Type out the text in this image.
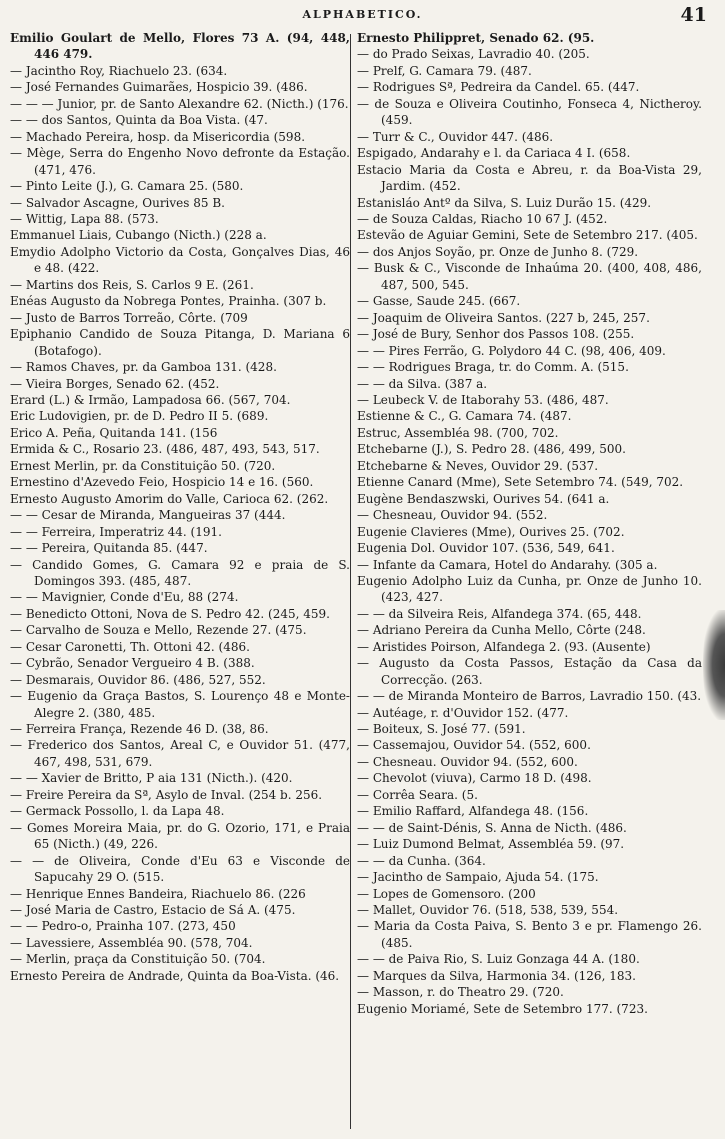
ALPHABETICO.	41
Emilio Goulart de Mello, Flores 73 A. (94, 448, 446 479.
— Jacintho Roy, Riachuelo 23. (634.
— José Fernandes Guimarães, Hospicio 39. (486.
— — — Junior, pr. de Santo Alexandre 62. (Nicth.) (176.
— — dos Santos, Quinta da Boa Vista. (47.
— Machado Pereira, hosp. da Misericordia (598.
— Mège, Serra do Engenho Novo defronte da Estação. (471, 476.
— Pinto Leite (J.), G. Camara 25. (580.
— Salvador Ascagne, Ourives 85 B.
— Wittig, Lapa 88. (573.
Emmanuel Liais, Cubango (Nicth.) (228 a.
Emydio Adolpho Victorio da Costa, Gonçalves Dias, 46 e 48. (422.
— Martins dos Reis, S. Carlos 9 E. (261.
Enéas Augusto da Nobrega Pontes, Prainha. (307 b.
— Justo de Barros Torreão, Côrte. (709
Epiphanio Candido de Souza Pitanga, D. Mariana 6 (Botafogo).
— Ramos Chaves, pr. da Gamboa 131. (428.
— Vieira Borges, Senado 62. (452.
Erard (L.) & Irmão, Lampadosa 66. (567, 704.
Eric Ludovigien, pr. de D. Pedro II 5. (689.
Erico A. Peña, Quitanda 141. (156
Ermida & C., Rosario 23. (486, 487, 493, 543, 517.
Ernest Merlin, pr. da Constituição 50. (720.
Ernestino d'Azevedo Feio, Hospicio 14 e 16. (560.
Ernesto Augusto Amorim do Valle, Carioca 62. (262.
— — Cesar de Miranda, Mangueiras 37 (444.
— — Ferreira, Imperatriz 44. (191.
— — Pereira, Quitanda 85. (447.
— Candido Gomes, G. Camara 92 e praia de S. Domingos 393. (485, 487.
— — Mavignier, Conde d'Eu, 88 (274.
— Benedicto Ottoni, Nova de S. Pedro 42. (245, 459.
— Carvalho de Souza e Mello, Rezende 27. (475.
— Cesar Caronetti, Th. Ottoni 42. (486.
— Cybrão, Senador Vergueiro 4 B. (388.
— Desmarais, Ouvidor 86. (486, 527, 552.
— Eugenio da Graça Bastos, S. Lourenço 48 e Monte-Alegre 2. (380, 485.
— Ferreira França, Rezende 46 D. (38, 86.
— Frederico dos Santos, Areal C, e Ouvidor 51. (477, 467, 498, 531, 679.
— — Xavier de Britto, P aia 131 (Nicth.). (420.
— Freire Pereira da Sª, Asylo de Inval. (254 b. 256.
— Germack Possollo, l. da Lapa 48.
— Gomes Moreira Maia, pr. do G. Ozorio, 171, e Praia 65 (Nicth.) (49, 226.
— — de Oliveira, Conde d'Eu 63 e Visconde de Sapucahy 29 O. (515.
— Henrique Ennes Bandeira, Riachuelo 86. (226
— José Maria de Castro, Estacio de Sá A. (475.
— — Pedro-o, Prainha 107. (273, 450
— Lavessiere, Assembléa 90. (578, 704.
— Merlin, praça da Constituição 50. (704.
Ernesto Pereira de Andrade, Quinta da Boa-Vista. (46.
Ernesto Philippret, Senado 62. (95.
— do Prado Seixas, Lavradio 40. (205.
— Prelf, G. Camara 79. (487.
— Rodrigues Sª, Pedreira da Candel. 65. (447.
— de Souza e Oliveira Coutinho, Fonseca 4, Nictheroy. (459.
— Turr & C., Ouvidor 447. (486.
Espigado, Andarahy e l. da Cariaca 4 I. (658.
Estacio Maria da Costa e Abreu, r. da Boa-Vista 29, Jardim. (452.
Estanisláo Antº da Silva, S. Luiz Durão 15. (429.
— de Souza Caldas, Riacho 10 67 J. (452.
Estevão de Aguiar Gemini, Sete de Setembro 217. (405.
— dos Anjos Soyão, pr. Onze de Junho 8. (729.
— Busk & C., Visconde de Inhaúma 20. (400, 408, 486, 487, 500, 545.
— Gasse, Saude 245. (667.
— Joaquim de Oliveira Santos. (227 b, 245, 257.
— José de Bury, Senhor dos Passos 108. (255.
— — Pires Ferrão, G. Polydoro 44 C. (98, 406, 409.
— — Rodrigues Braga, tr. do Comm. A. (515.
— — da Silva. (387 a.
— Leubeck V. de Itaborahy 53. (486, 487.
Estienne & C., G. Camara 74. (487.
Estruc, Assembléa 98. (700, 702.
Etchebarne (J.), S. Pedro 28. (486, 499, 500.
Etchebarne & Neves, Ouvidor 29. (537.
Etienne Canard (Mme), Sete Setembro 74. (549, 702.
Eugène Bendaszwski, Ourives 54. (641 a.
— Chesneau, Ouvidor 94. (552.
Eugenie Clavieres (Mme), Ourives 25. (702.
Eugenia Dol. Ouvidor 107. (536, 549, 641.
— Infante da Camara, Hotel do Andarahy. (305 a.
Eugenio Adolpho Luiz da Cunha, pr. Onze de Junho 10. (423, 427.
— — da Silveira Reis, Alfandega 374. (65, 448.
— Adriano Pereira da Cunha Mello, Côrte (248.
— Aristides Poirson, Alfandega 2. (93. (Ausente)
— Augusto da Costa Passos, Estação da Casa da Correcção. (263.
— — de Miranda Monteiro de Barros, Lavradio 150. (43.
— Autéage, r. d'Ouvidor 152. (477.
— Boiteux, S. José 77. (591.
— Cassemajou, Ouvidor 54. (552, 600.
— Chesneau. Ouvidor 94. (552, 600.
— Chevolot (viuva), Carmo 18 D. (498.
— Corrêa Seara. (5.
— Emilio Raffard, Alfandega 48. (156.
— — de Saint-Dénis, S. Anna de Nicth. (486.
— Luiz Dumond Belmat, Assembléa 59. (97.
— — da Cunha. (364.
— Jacintho de Sampaio, Ajuda 54. (175.
— Lopes de Gomensoro. (200
— Mallet, Ouvidor 76. (518, 538, 539, 554.
— Maria da Costa Paiva, S. Bento 3 e pr. Flamengo 26. (485.
— — de Paiva Rio, S. Luiz Gonzaga 44 A. (180.
— Marques da Silva, Harmonia 34. (126, 183.
— Masson, r. do Theatro 29. (720.
Eugenio Moriamé, Sete de Setembro 177. (723.
